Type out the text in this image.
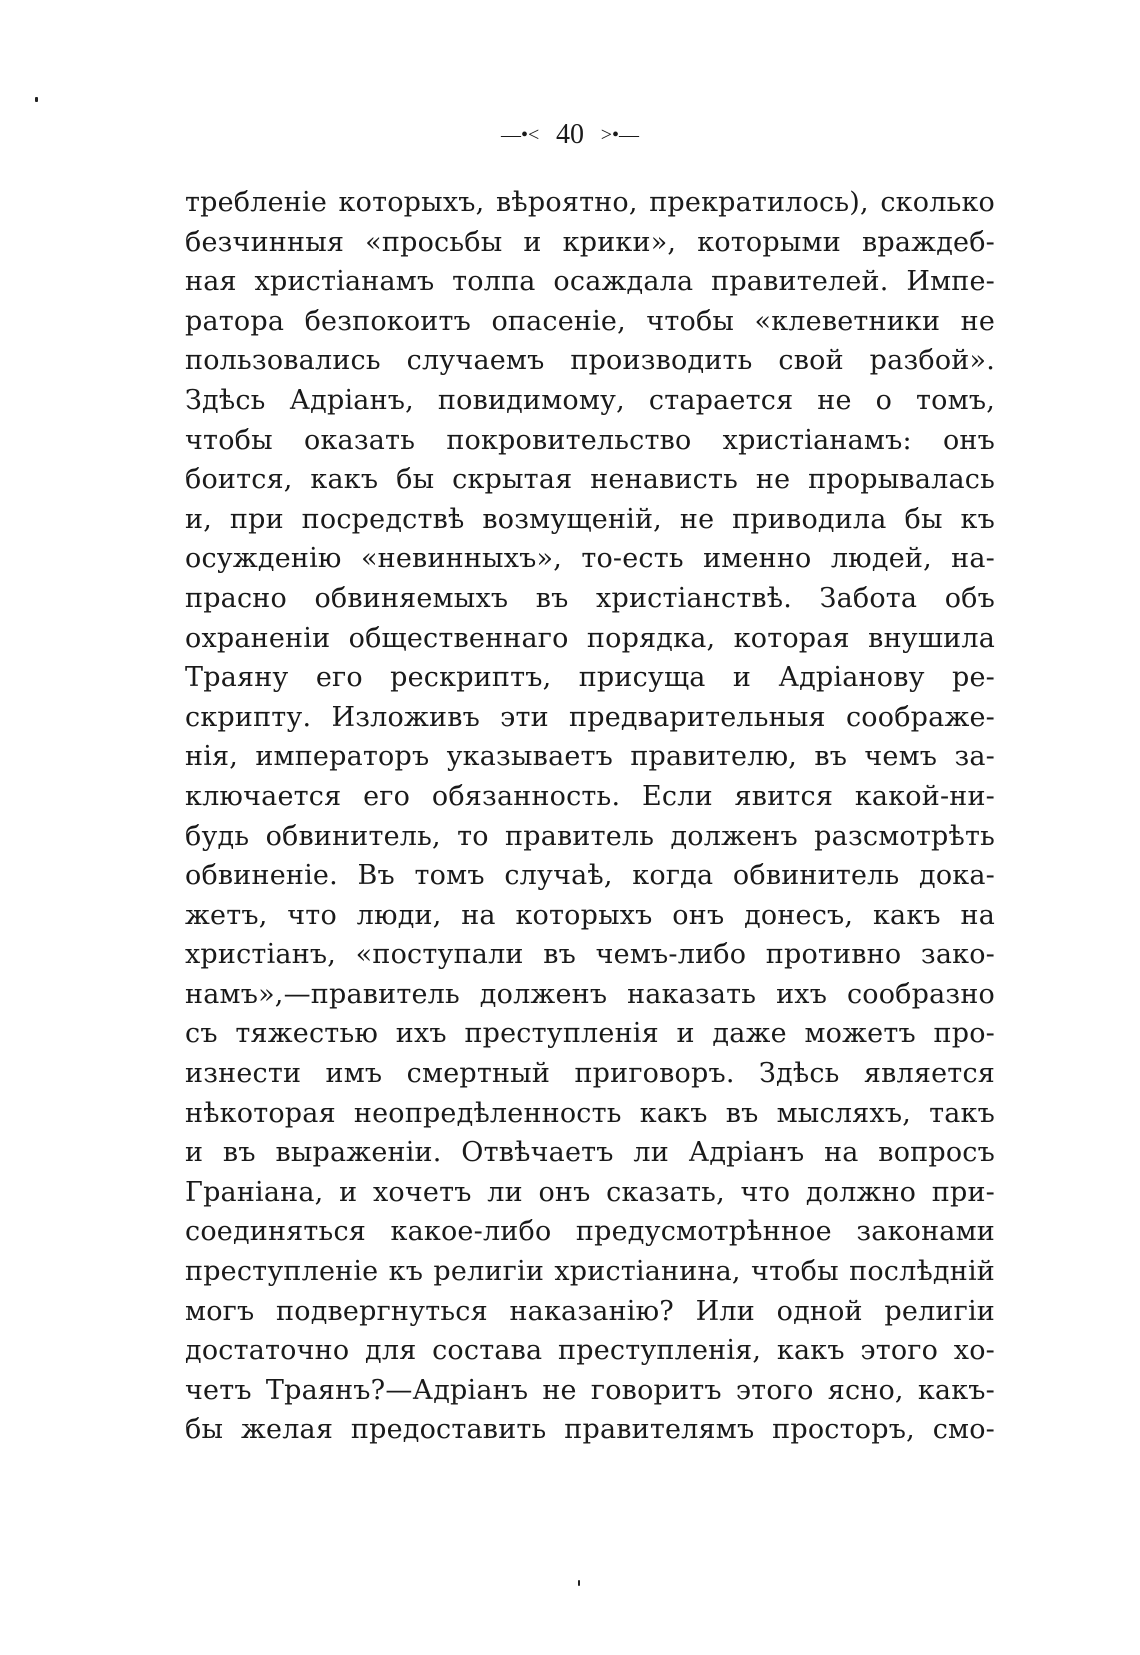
—•< 40 >•—
требленіе которыхъ, вѣроятно, прекратилось), сколько
безчинныя «просьбы и крики», которыми враждеб-
ная христіанамъ толпа осаждала правителей. Импе-
ратора безпокоитъ опасеніе, чтобы «клеветники не
пользовались случаемъ производить свой разбой».
Здѣсь Адріанъ, повидимому, старается не о томъ,
чтобы оказать покровительство христіанамъ: онъ
боится, какъ бы скрытая ненависть не прорывалась
и, при посредствѣ возмущеній, не приводила бы къ
осужденію «невинныхъ», то-есть именно людей, на-
прасно обвиняемыхъ въ христіанствѣ. Забота объ
охраненіи общественнаго порядка, которая внушила
Траяну его рескриптъ, присуща и Адріанову ре-
скрипту. Изложивъ эти предварительныя соображе-
нія, императоръ указываетъ правителю, въ чемъ за-
ключается его обязанность. Если явится какой-ни-
будь обвинитель, то правитель долженъ разсмотрѣть
обвиненіе. Въ томъ случаѣ, когда обвинитель дока-
жетъ, что люди, на которыхъ онъ донесъ, какъ на
христіанъ, «поступали въ чемъ-либо противно зако-
намъ»,—правитель долженъ наказать ихъ сообразно
съ тяжестью ихъ преступленія и даже можетъ про-
изнести имъ смертный приговоръ. Здѣсь является
нѣкоторая неопредѣленность какъ въ мысляхъ, такъ
и въ выраженіи. Отвѣчаетъ ли Адріанъ на вопросъ
Граніана, и хочетъ ли онъ сказать, что должно при-
соединяться какое-либо предусмотрѣнное законами
преступленіе къ религіи христіанина, чтобы послѣдній
могъ подвергнуться наказанію? Или одной религіи
достаточно для состава преступленія, какъ этого хо-
четъ Траянъ?—Адріанъ не говоритъ этого ясно, какъ-
бы желая предоставить правителямъ просторъ, смо-
